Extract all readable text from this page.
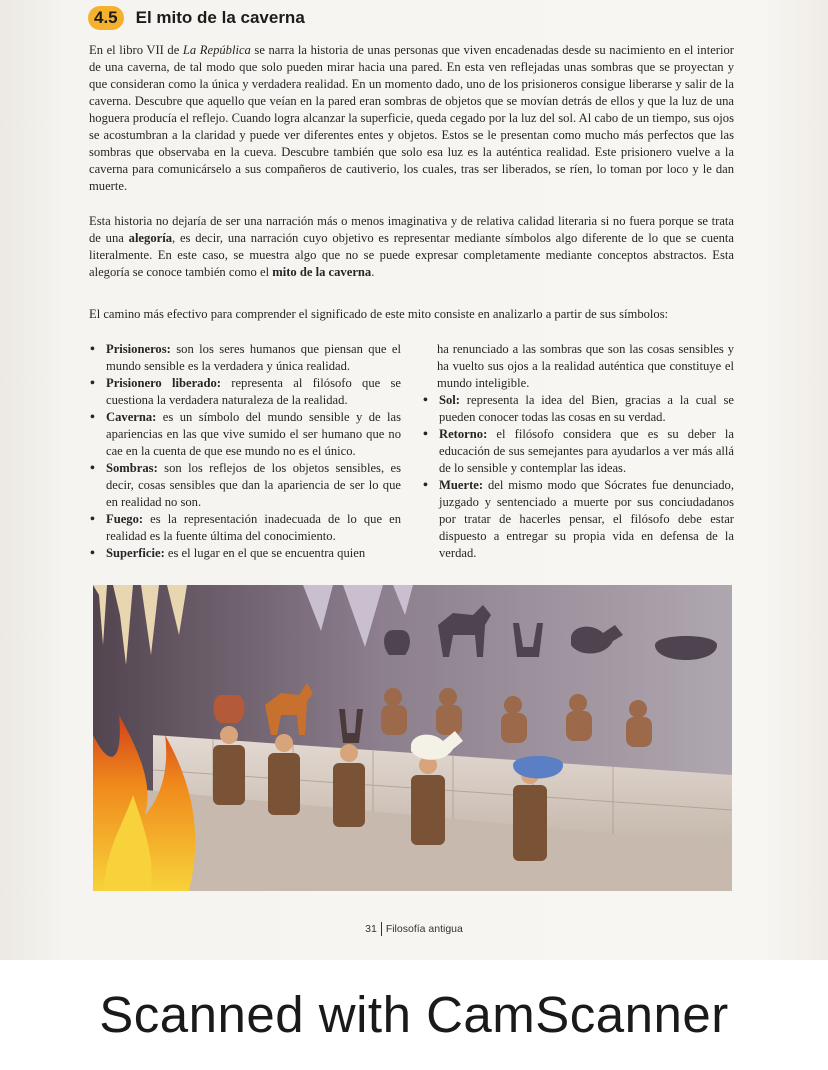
4.5	El mito de la caverna

En el libro VII de La República se narra la historia de unas personas que viven encadenadas desde su nacimiento en el interior de una caverna, de tal modo que solo pueden mirar hacia una pared. En esta ven reflejadas unas sombras que se proyectan y que consideran como la única y verdadera realidad. En un momento dado, uno de los prisioneros consigue liberarse y salir de la caverna. Descubre que aquello que veían en la pared eran sombras de objetos que se movían detrás de ellos y que la luz de una hoguera producía el reflejo. Cuando logra alcanzar la superficie, queda cegado por la luz del sol. Al cabo de un tiempo, sus ojos se acostumbran a la claridad y puede ver diferentes entes y objetos. Estos se le presentan como mucho más perfectos que las sombras que observaba en la cueva. Descubre también que solo esa luz es la auténtica realidad. Este prisionero vuelve a la caverna para comunicárselo a sus compañeros de cautiverio, los cuales, tras ser liberados, se ríen, lo toman por loco y le dan muerte.

Esta historia no dejaría de ser una narración más o menos imaginativa y de relativa calidad literaria si no fuera porque se trata de una alegoría, es decir, una narración cuyo objetivo es representar mediante símbolos algo diferente de lo que se cuenta literalmente. En este caso, se muestra algo que no se puede expresar completamente mediante conceptos abstractos. Esta alegoría se conoce también como el mito de la caverna.

El camino más efectivo para comprender el significado de este mito consiste en analizarlo a partir de sus símbolos:

• Prisioneros: son los seres humanos que piensan que el mundo sensible es la verdadera y única realidad.
• Prisionero liberado: representa al filósofo que se cuestiona la verdadera naturaleza de la realidad.
• Caverna: es un símbolo del mundo sensible y de las apariencias en las que vive sumido el ser humano que no cae en la cuenta de que ese mundo no es el único.
• Sombras: son los reflejos de los objetos sensibles, es decir, cosas sensibles que dan la apariencia de ser lo que en realidad no son.
• Fuego: es la representación inadecuada de lo que en realidad es la fuente última del conocimiento.
• Superficie: es el lugar en el que se encuentra quien
ha renunciado a las sombras que son las cosas sensibles y ha vuelto sus ojos a la realidad auténtica que constituye el mundo inteligible.
• Sol: representa la idea del Bien, gracias a la cual se pueden conocer todas las cosas en su verdad.
• Retorno: el filósofo considera que es su deber la educación de sus semejantes para ayudarlos a ver más allá de lo sensible y contemplar las ideas.
• Muerte: del mismo modo que Sócrates fue denunciado, juzgado y sentenciado a muerte por sus conciudadanos por tratar de hacerles pensar, el filósofo debe estar dispuesto a entregar su propia vida en defensa de la verdad.
31 Filosofía antigua
Scanned with CamScanner
